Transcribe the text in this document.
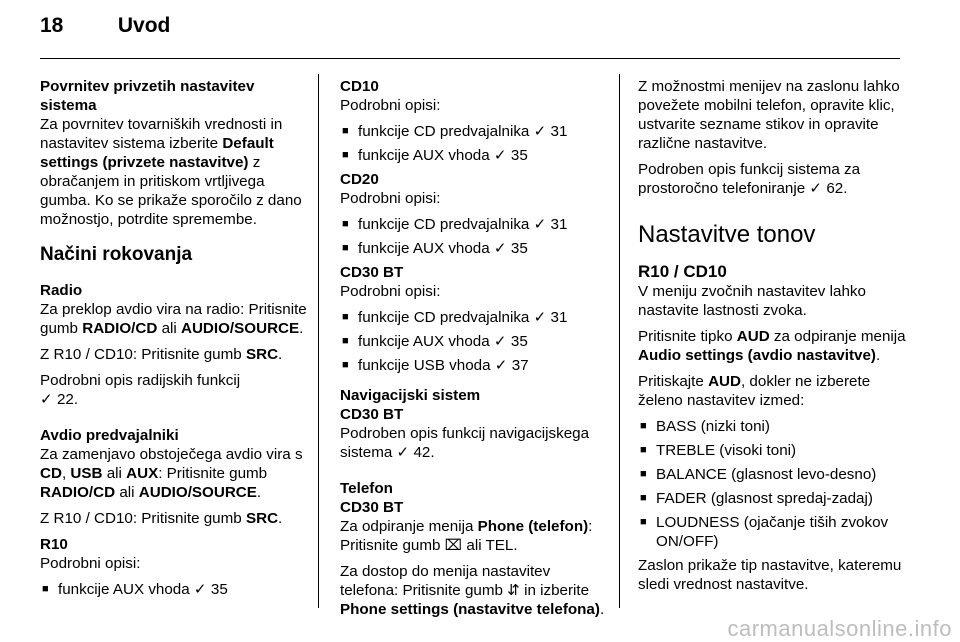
18	Uvod

Povrnitev privzetih nastavitev sistema

Za povrnitev tovarniških vrednosti in nastavitev sistema izberite Default settings (privzete nastavitve) z obračanjem in pritiskom vrtljivega gumba. Ko se prikaže sporočilo z dano možnostjo, potrdite spremembe.

Načini rokovanja

Radio

Za preklop avdio vira na radio: Pritisnite gumb RADIO/CD ali AUDIO/SOURCE.

Z R10 / CD10: Pritisnite gumb SRC.

Podrobni opis radijskih funkcij
✓ 22.

Avdio predvajalniki

Za zamenjavo obstoječega avdio vira s CD, USB ali AUX: Pritisnite gumb RADIO/CD ali AUDIO/SOURCE.

Z R10 / CD10: Pritisnite gumb SRC.

R10

Podrobni opisi:

■ funkcije AUX vhoda ✓ 35

CD10

Podrobni opisi:

■ funkcije CD predvajalnika ✓ 31
■ funkcije AUX vhoda ✓ 35

CD20

Podrobni opisi:

■ funkcije CD predvajalnika ✓ 31
■ funkcije AUX vhoda ✓ 35

CD30 BT

Podrobni opisi:

■ funkcije CD predvajalnika ✓ 31
■ funkcije AUX vhoda ✓ 35
■ funkcije USB vhoda ✓ 37

Navigacijski sistem

CD30 BT

Podroben opis funkcij navigacijskega sistema ✓ 42.

Telefon

CD30 BT

Za odpiranje menija Phone (telefon): Pritisnite gumb ⌧ ali TEL.

Za dostop do menija nastavitev telefona: Pritisnite gumb ⇵ in izberite Phone settings (nastavitve telefona).

Z možnostmi menijev na zaslonu lahko povežete mobilni telefon, opravite klic, ustvarite sezname stikov in opravite različne nastavitve.

Podroben opis funkcij sistema za prostoročno telefoniranje ✓ 62.

Nastavitve tonov

R10 / CD10

V meniju zvočnih nastavitev lahko nastavite lastnosti zvoka.

Pritisnite tipko AUD za odpiranje menija Audio settings (avdio nastavitve).

Pritiskajte AUD, dokler ne izberete želeno nastavitev izmed:

■ BASS (nizki toni)
■ TREBLE (visoki toni)
■ BALANCE (glasnost levo-desno)
■ FADER (glasnost spredaj-zadaj)
■ LOUDNESS (ojačanje tiših zvokov ON/OFF)

Zaslon prikaže tip nastavitve, kateremu sledi vrednost nastavitve.

carmanualsonline.info
